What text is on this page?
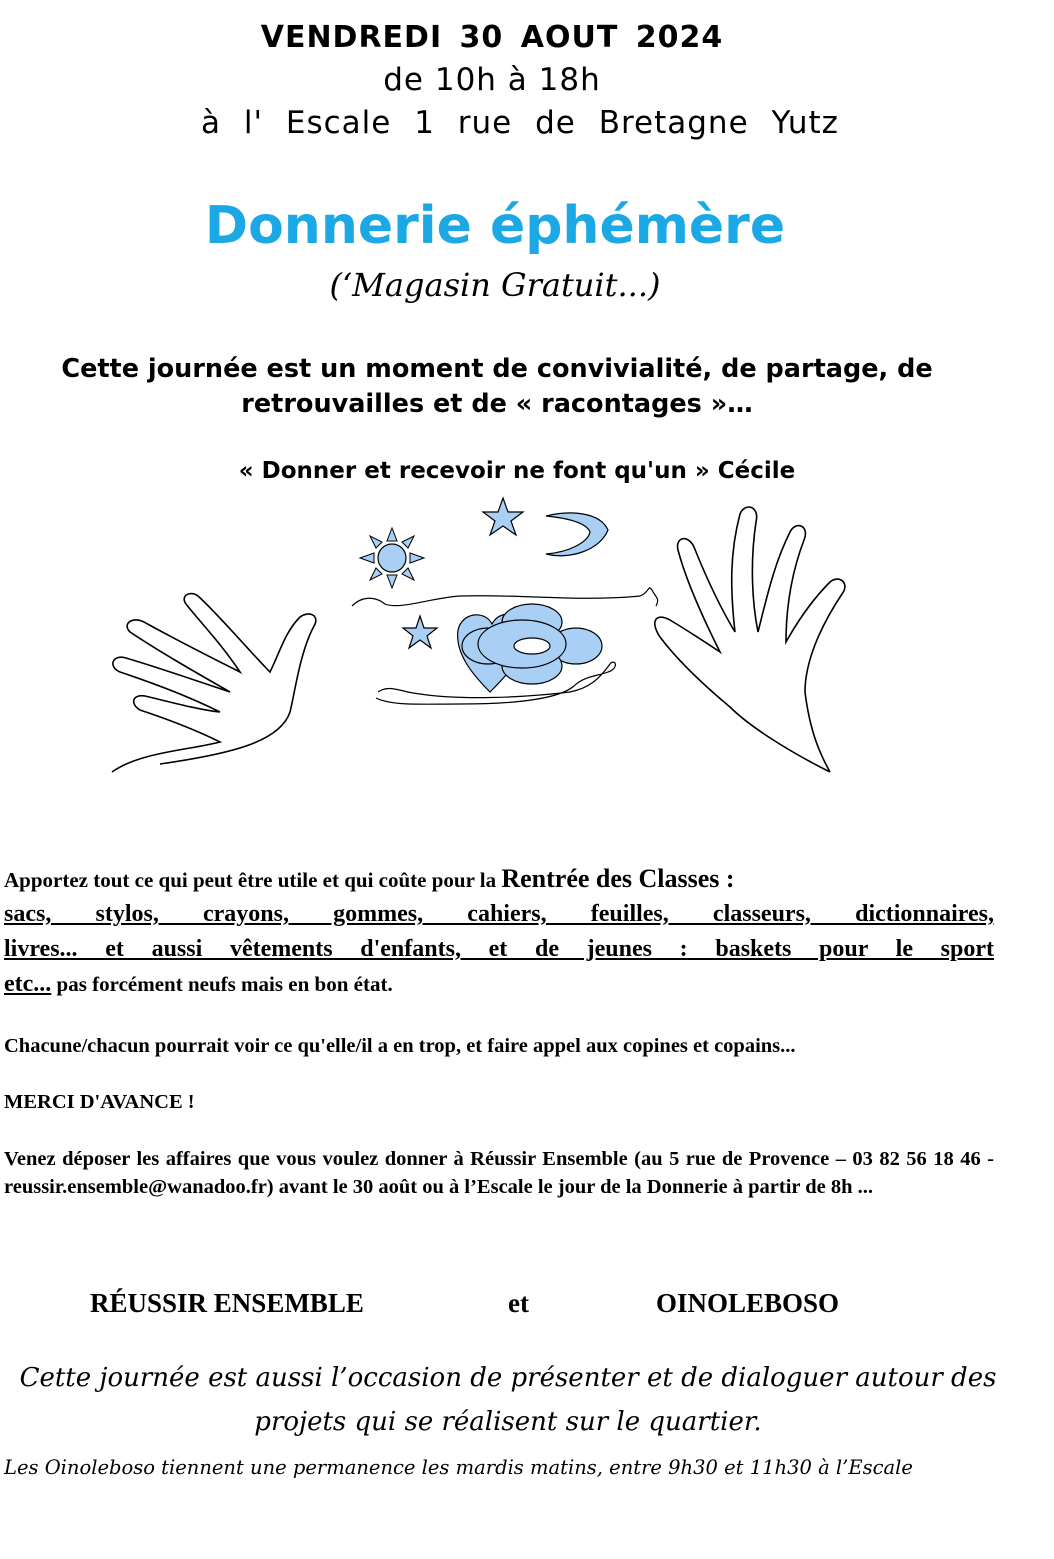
VENDREDI 30 AOUT 2024
de 10h à 18h
à l' Escale 1 rue de Bretagne Yutz
Donnerie éphémère
(‘Magasin Gratuit...)
Cette journée est un moment de convivialité, de partage, de retrouvailles et de « racontages »…
« Donner et recevoir ne font qu'un » Cécile
Apportez tout ce qui peut être utile et qui coûte pour la Rentrée des Classes :
sacs, stylos, crayons, gommes, cahiers, feuilles, classeurs, dictionnaires,
livres... et aussi vêtements d'enfants, et de jeunes : baskets pour le sport
etc... pas forcément neufs mais en bon état.
Chacune/chacun pourrait voir ce qu'elle/il a en trop, et faire appel aux copines et copains...
MERCI D'AVANCE !
Venez déposer les affaires que vous voulez donner à Réussir Ensemble (au 5 rue de Provence – 03 82 56 18 46 - reussir.ensemble@wanadoo.fr) avant le 30 août ou à l’Escale le jour de la Donnerie à partir de 8h ...
RÉUSSIR ENSEMBLE	et	OINOLEBOSO
Cette journée est aussi l’occasion de présenter et de dialoguer autour des projets qui se réalisent sur le quartier.
Les Oinoleboso tiennent une permanence les mardis matins, entre 9h30 et 11h30 à l’Escale
